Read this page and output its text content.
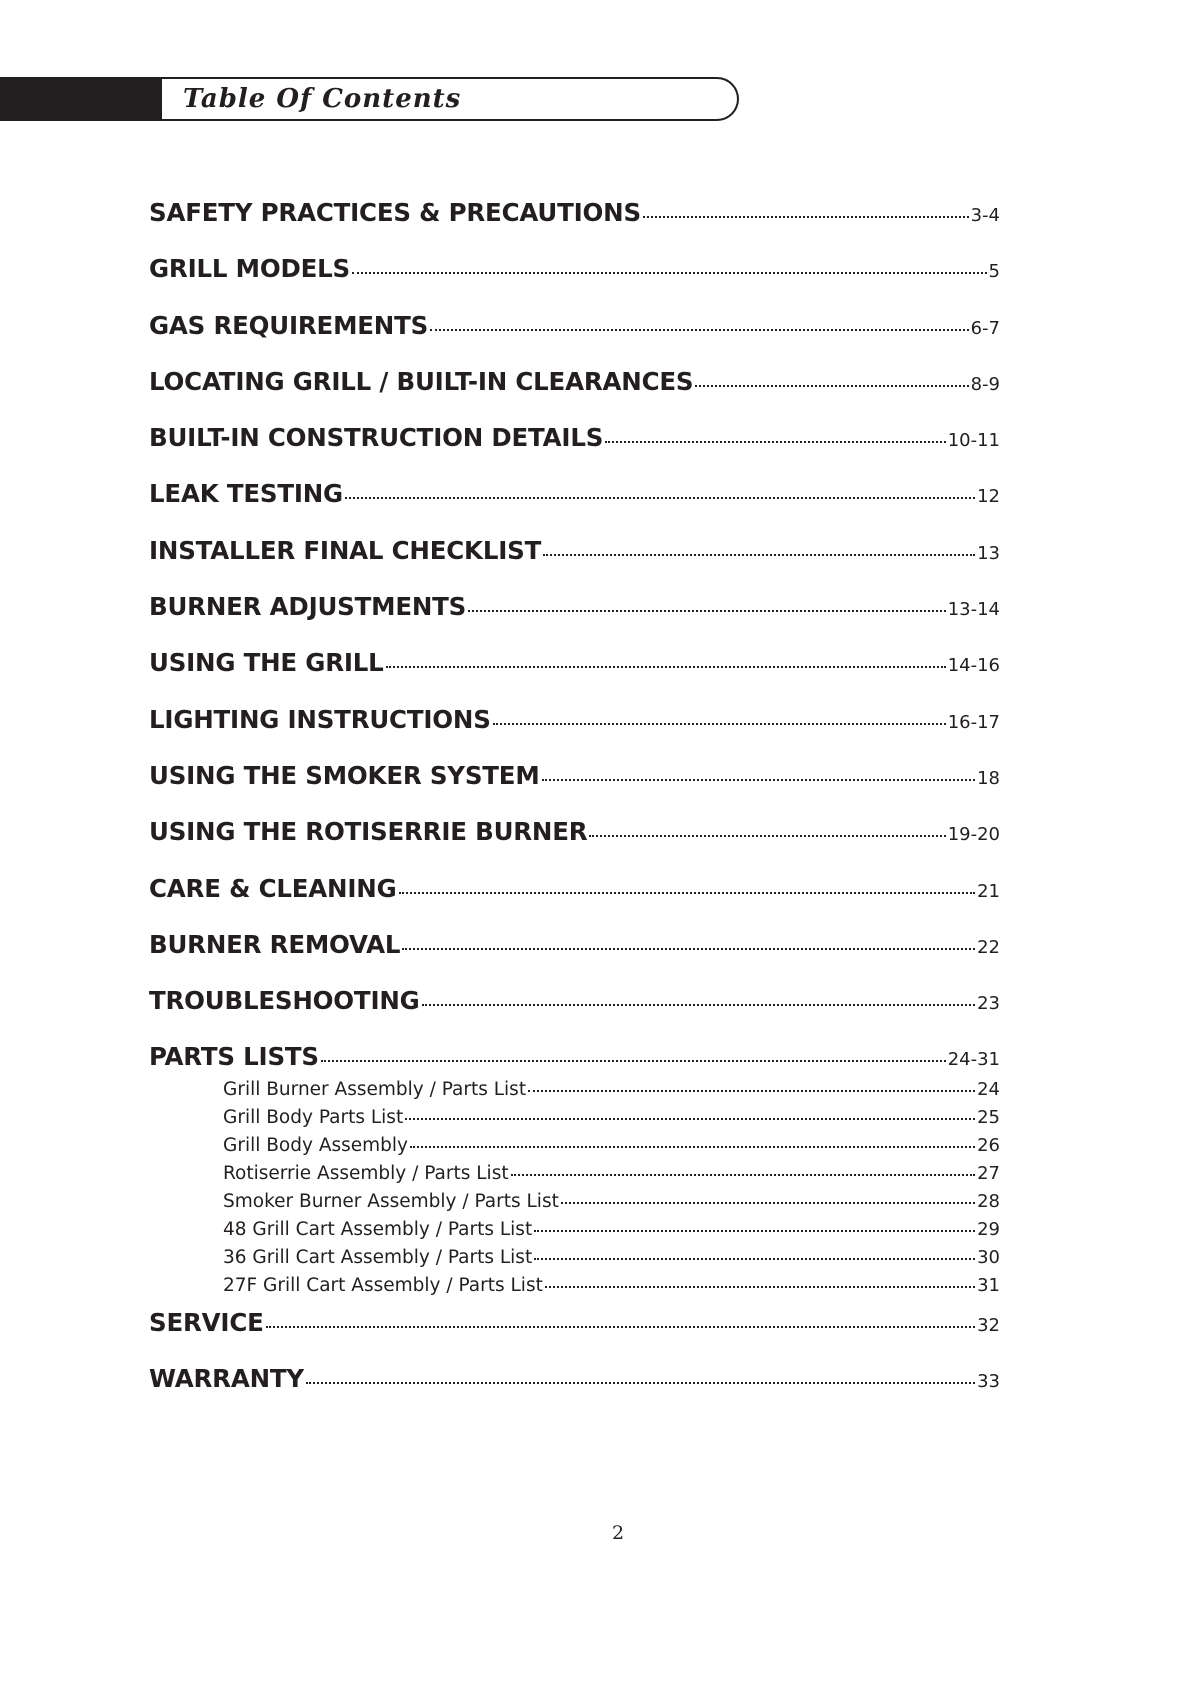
Table Of Contents
SAFETY PRACTICES & PRECAUTIONS	3-4
GRILL MODELS	5
GAS REQUIREMENTS	6-7
LOCATING GRILL / BUILT-IN CLEARANCES	8-9
BUILT-IN CONSTRUCTION DETAILS	10-11
LEAK TESTING	12
INSTALLER FINAL CHECKLIST	13
BURNER ADJUSTMENTS	13-14
USING THE GRILL	14-16
LIGHTING INSTRUCTIONS	16-17
USING THE SMOKER SYSTEM	18
USING THE ROTISERRIE BURNER	19-20
CARE & CLEANING	21
BURNER REMOVAL	22
TROUBLESHOOTING	23
PARTS LISTS	24-31
Grill Burner Assembly / Parts List	24
Grill Body Parts List	25
Grill Body Assembly	26
Rotiserrie Assembly / Parts List	27
Smoker Burner Assembly / Parts List	28
48 Grill Cart Assembly / Parts List	29
36 Grill Cart Assembly / Parts List	30
27F Grill Cart Assembly / Parts List	31
SERVICE	32
WARRANTY	33
2
